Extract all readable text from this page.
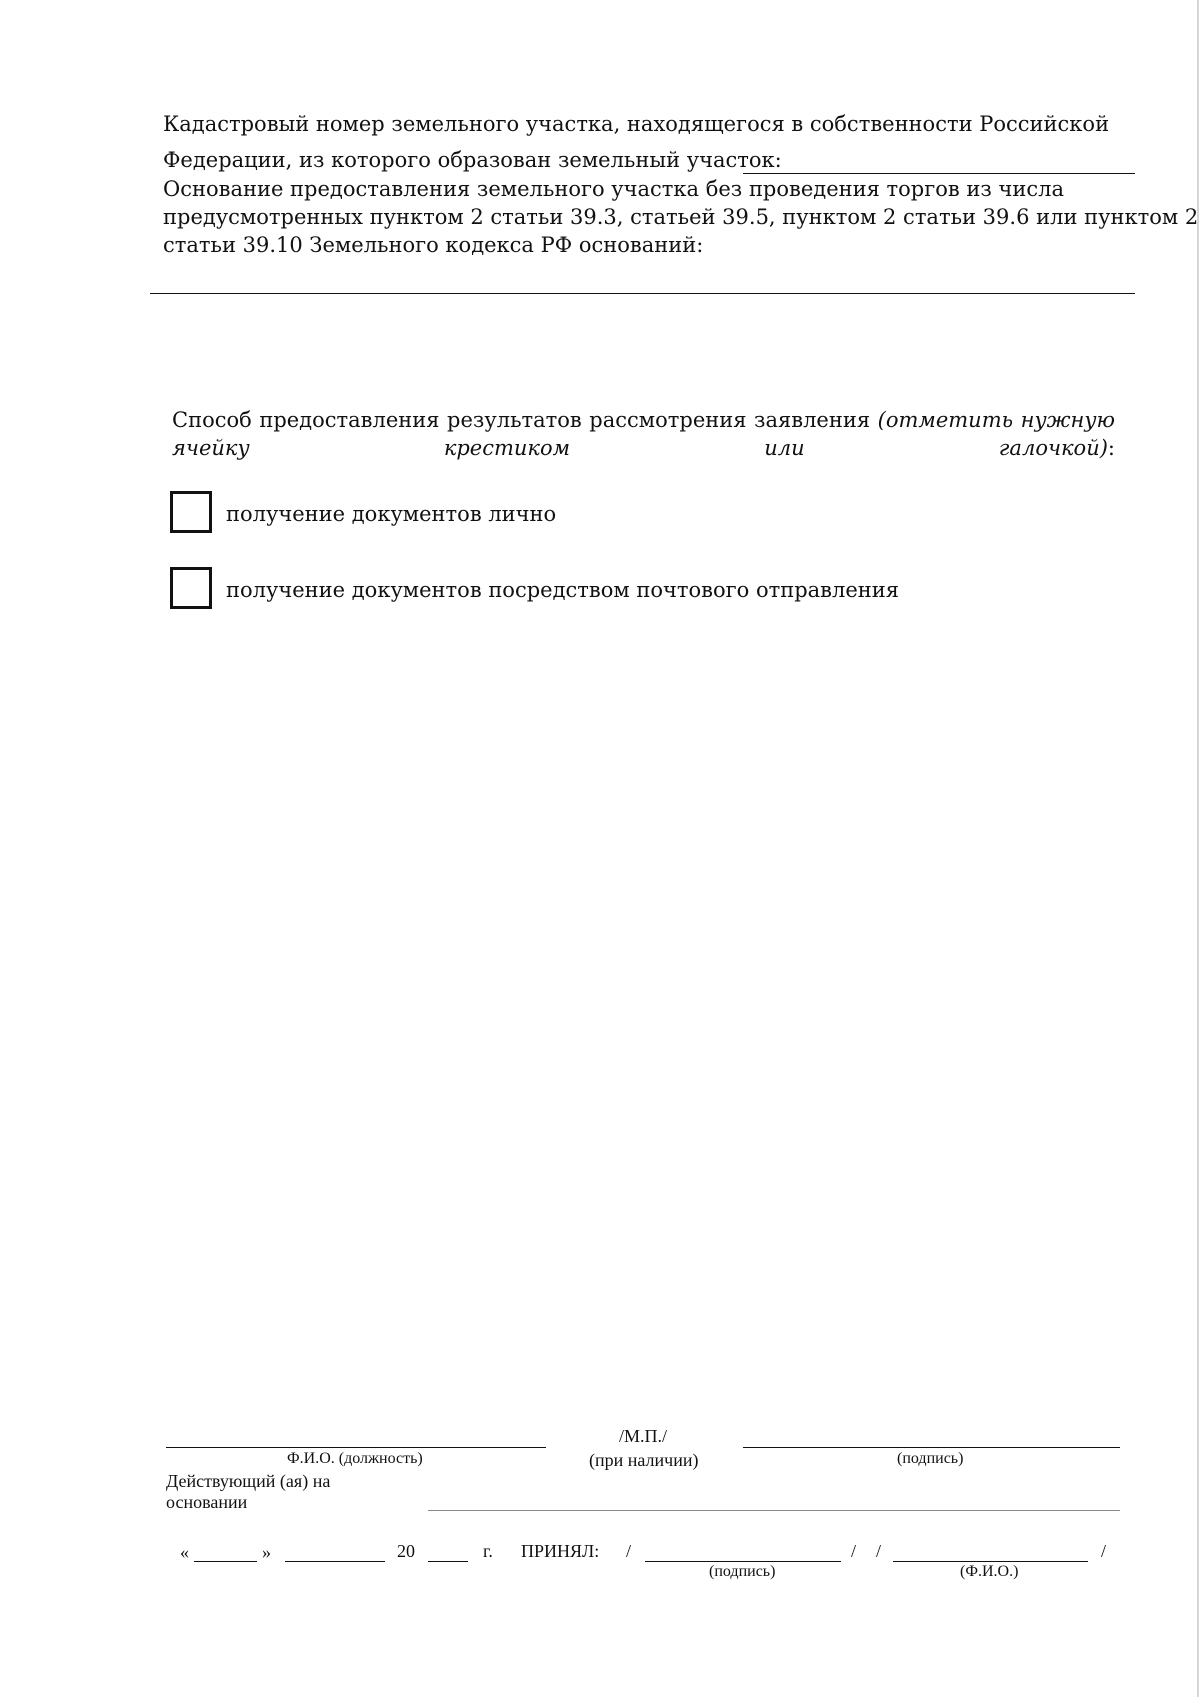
Кадастровый номер земельного участка, находящегося в собственности Российской
Федерации, из которого образован земельный участок:
Основание предоставления земельного участка без проведения торгов из числа
предусмотренных пунктом 2 статьи 39.3, статьей 39.5, пунктом 2 статьи 39.6 или пунктом 2
статьи 39.10 Земельного кодекса РФ оснований:
Способ предоставления результатов рассмотрения заявления (отметить нужную ячейку крестиком или галочкой):
получение документов лично
получение документов посредством почтового отправления
/М.П./
Ф.И.О. (должность)	(при наличии)	(подпись)
Действующий (ая) на
основании
«	»	20	г. ПРИНЯЛ: /	/ /	/
(подпись)	(Ф.И.О.)
